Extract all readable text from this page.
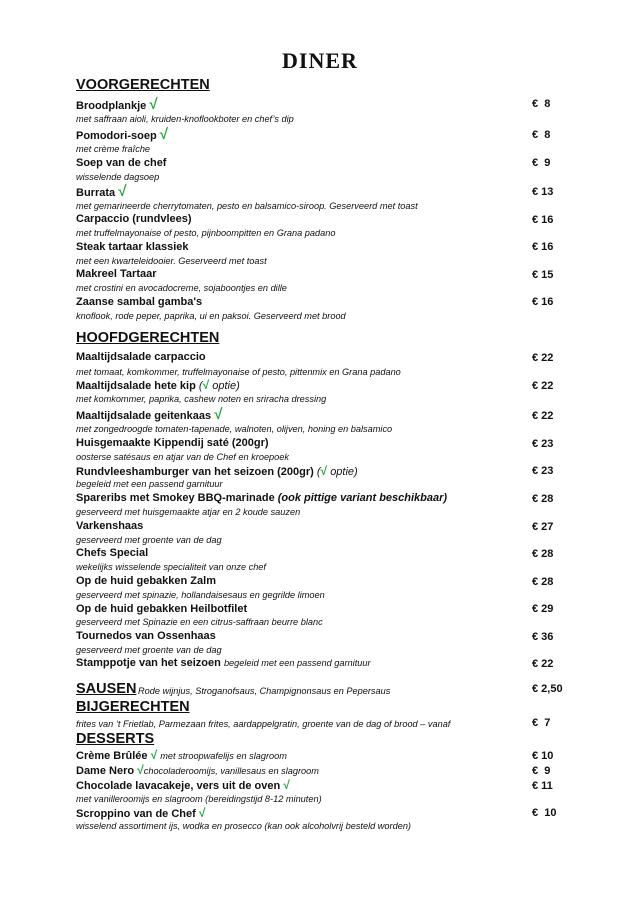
DINER
VOORGERECHTEN
Broodplankje √	€  8
met saffraan aioli, kruiden-knoflookboter en chef’s dip
Pomodori-soep √	€  8
met crème fraîche
Soep van de chef	€  9
wisselende dagsoep
Burrata √	€ 13
met gemarineerde cherrytomaten, pesto en balsamico-siroop. Geserveerd met toast
Carpaccio (rundvlees)	€ 16
met truffelmayonaise of pesto, pijnboompitten en Grana padano
Steak tartaar klassiek	€ 16
met een kwarteleidooier. Geserveerd met toast
Makreel Tartaar	€ 15
met crostini en avocadocreme, sojaboontjes en dille
Zaanse sambal gamba's	€ 16
knoflook, rode peper, paprika, ui en paksoi. Geserveerd met brood
HOOFDGERECHTEN
Maaltijdsalade carpaccio	€ 22
met tomaat, komkommer, truffelmayonaise of pesto, pittenmix en Grana padano
Maaltijdsalade hete kip (√ optie)	€ 22
met komkommer, paprika, cashew noten en sriracha dressing
Maaltijdsalade geitenkaas √	€ 22
met zongedroogde tomaten-tapenade, walnoten, olijven, honing en balsamico
Huisgemaakte Kippendij saté (200gr)	€ 23
oosterse satésaus en atjar van de Chef en kroepoek
Rundvleeshamburger van het seizoen (200gr) (√ optie)	€ 23
begeleid met een passend garnituur
Spareribs met Smokey BBQ-marinade (ook pittige variant beschikbaar)	€ 28
geserveerd met huisgemaakte atjar en 2 koude sauzen
Varkenshaas	€ 27
geserveerd met groente van de dag
Chefs Special	€ 28
wekelijks wisselende specialiteit van onze chef
Op de huid gebakken Zalm	€ 28
geserveerd met spinazie, hollandaisesaus en gegrilde limoen
Op de huid gebakken Heilbotfilet	€ 29
geserveerd met Spinazie en een citrus-saffraan beurre blanc
Tournedos van Ossenhaas	€ 36
geserveerd met groente van de dag
Stamppotje van het seizoen begeleid met een passend garnituur	€ 22
SAUSEN Rode wijnjus, Stroganofsaus, Champignonsaus en Pepersaus	€ 2,50
BIJGERECHTEN
frites van ‘t Frietlab, Parmezaan frites, aardappelgratin, groente van de dag of brood – vanaf	€  7
DESSERTS
Crème Brûlée √ met stroopwafelijs en slagroom	€ 10
Dame Nero √chocoladeroomijs, vanillesaus en slagroom	€  9
Chocolade lavacakeje, vers uit de oven √	€ 11
met vanilleroomijs en slagroom (bereidingstijd 8-12 minuten)
Scroppino van de Chef √	€  10
wisselend assortiment ijs, wodka en prosecco (kan ook alcoholvrij besteld worden)
